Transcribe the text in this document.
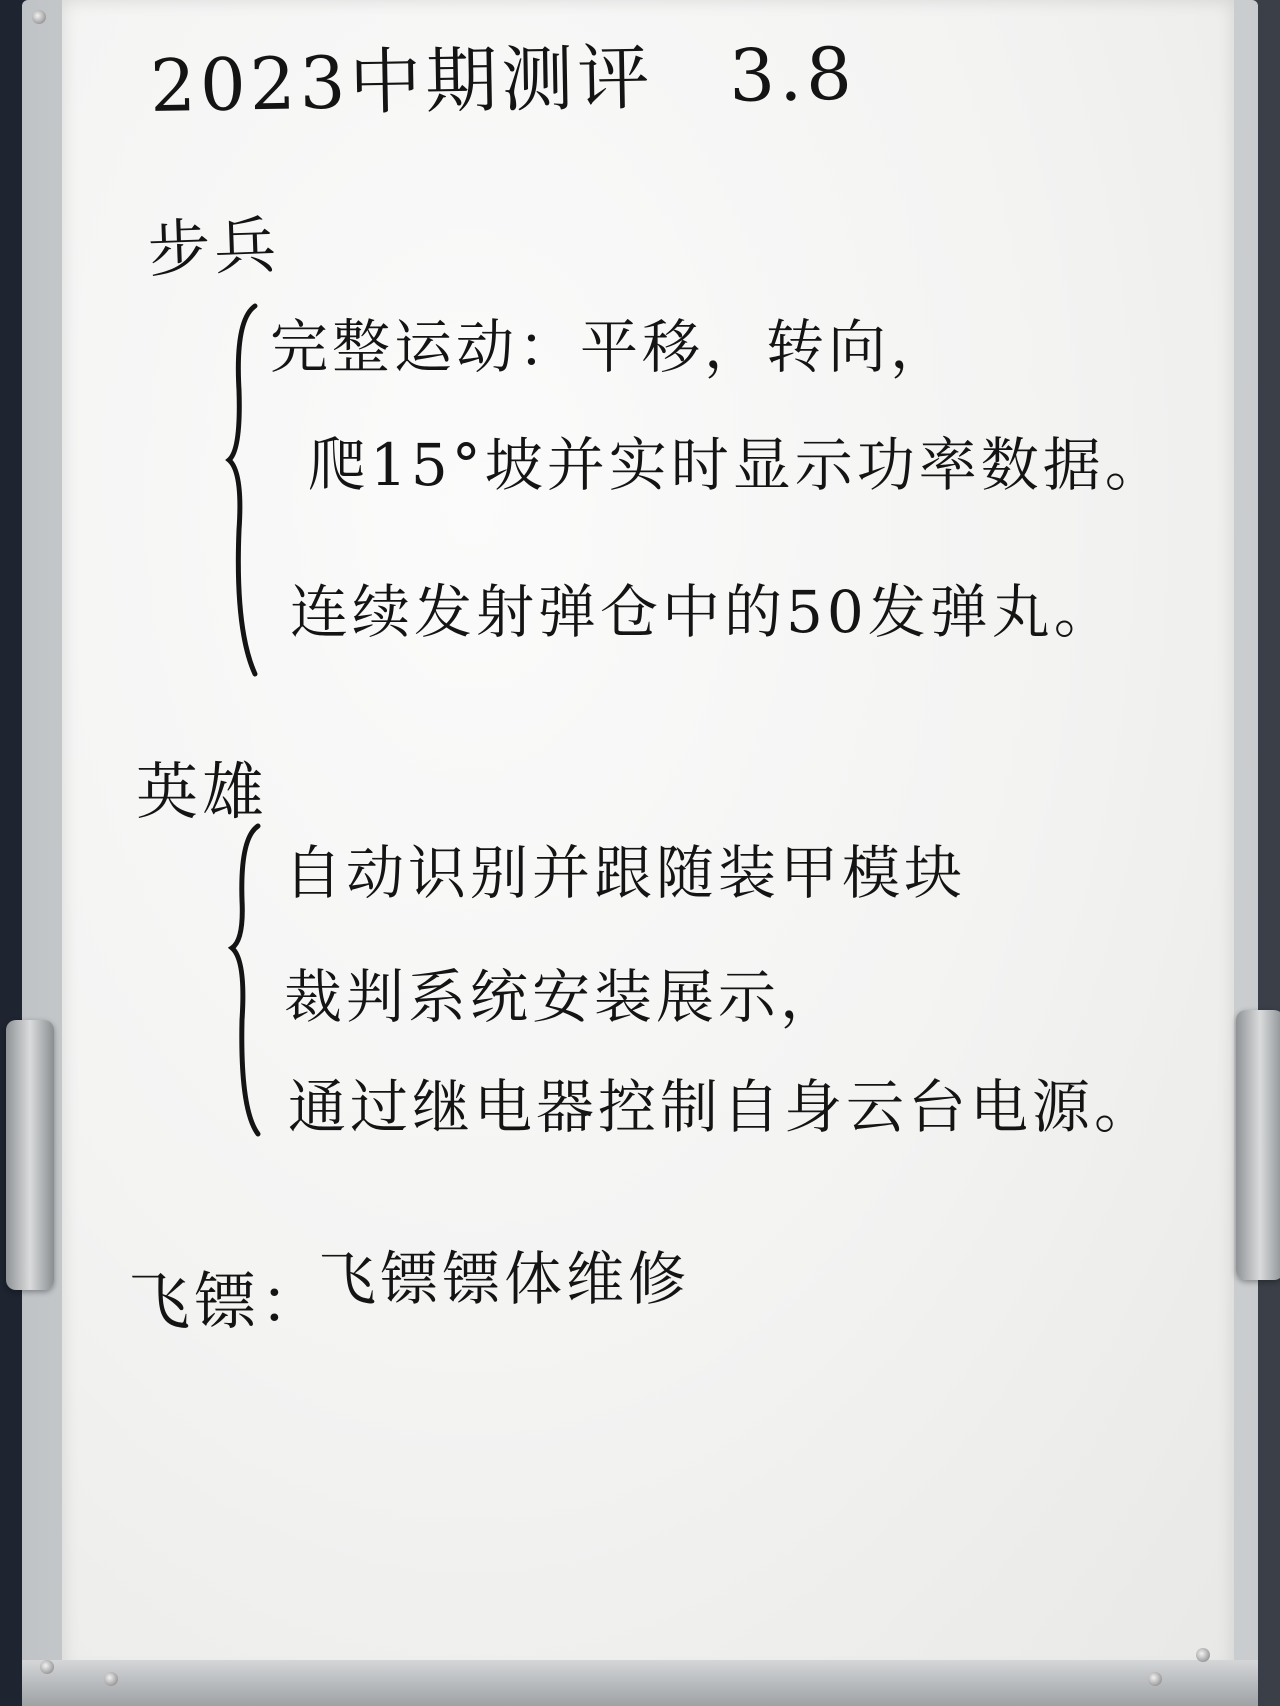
2023中期测评　3.8
步兵
完整运动：平移，转向，
爬15°坡并实时显示功率数据。
连续发射弹仓中的50发弹丸。
英雄
自动识别并跟随装甲模块
裁判系统安装展示，
通过继电器控制自身云台电源。
飞镖：
飞镖镖体维修
